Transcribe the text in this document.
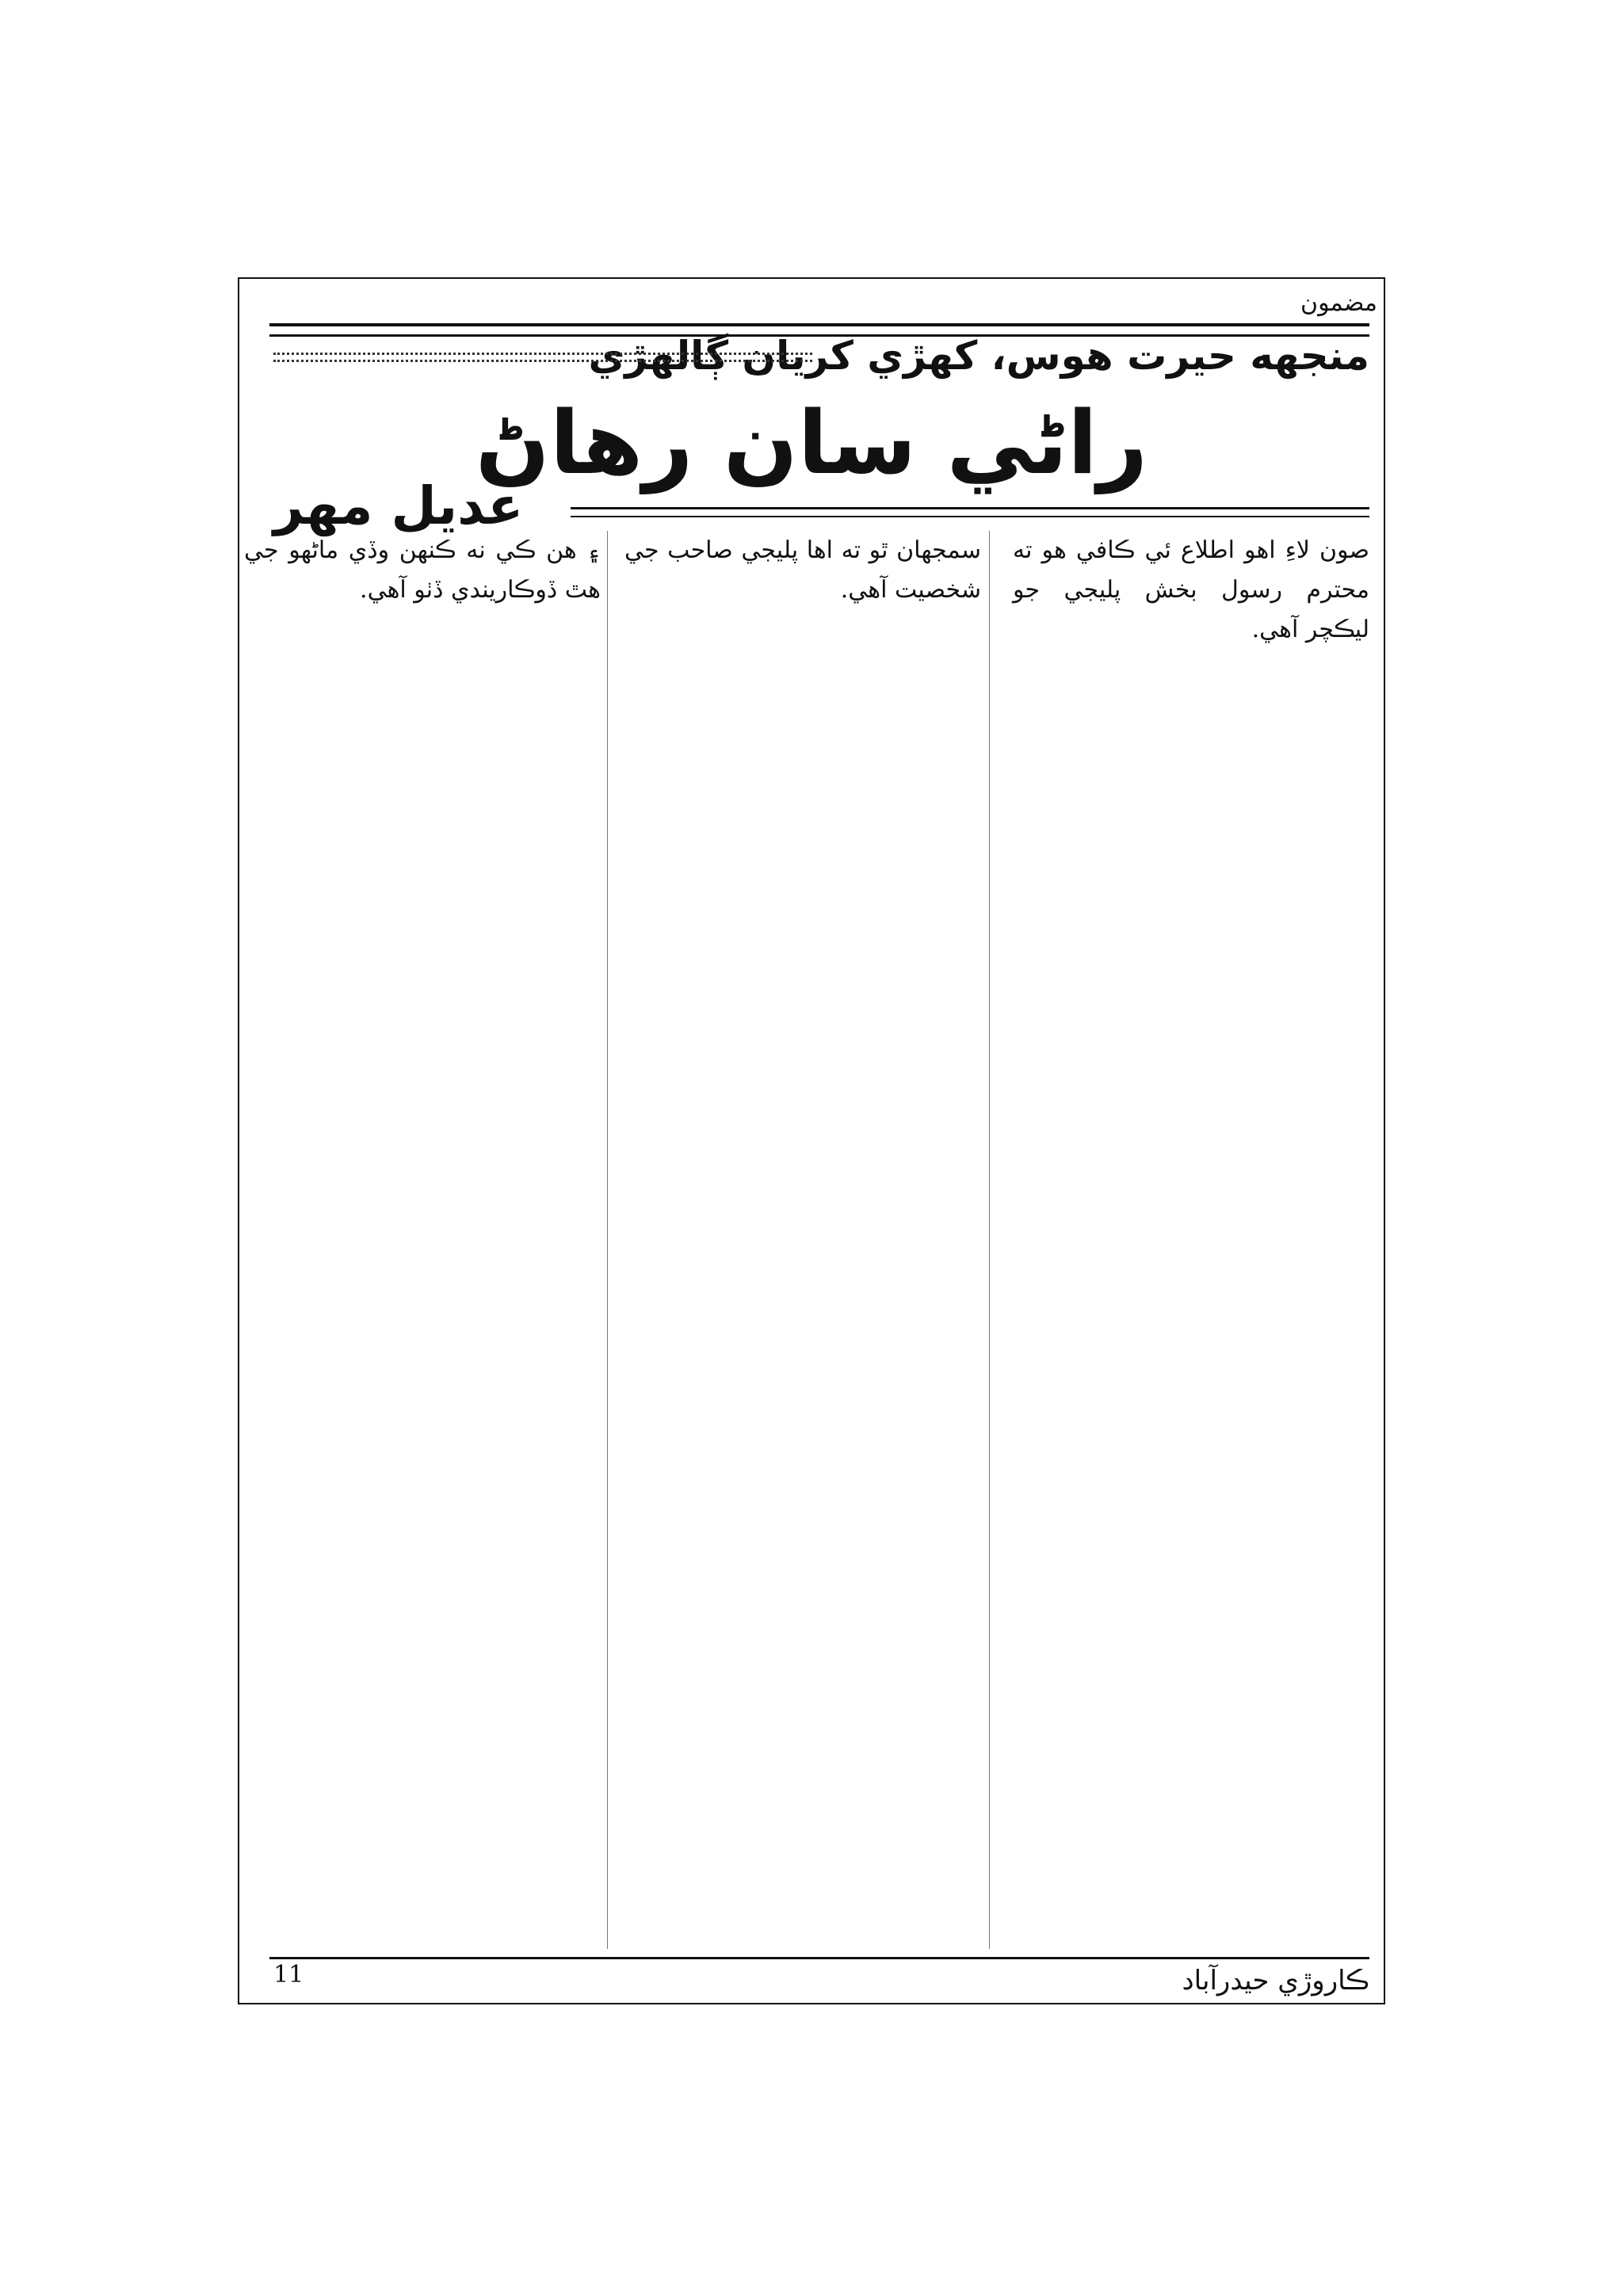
مضمون
منجهه حيرت هوس، کهڙي کريان ڳالهڙي
راڻي سان رهاڻ
عديل مهر
صون لاءِ اهو اطلاع ئي ڪافي هو ته محترم رسول بخش پليجي جو ليڪچر آهي.
سمجهان ٿو ته اها پليجي صاحب جي شخصيت آهي.
۽ هن ڪي نه ڪنهن وڏي ماڻهو جي هٿ ڏوڪاريندي ڏٺو آهي.
11	ڪاروڙي حيدرآباد
